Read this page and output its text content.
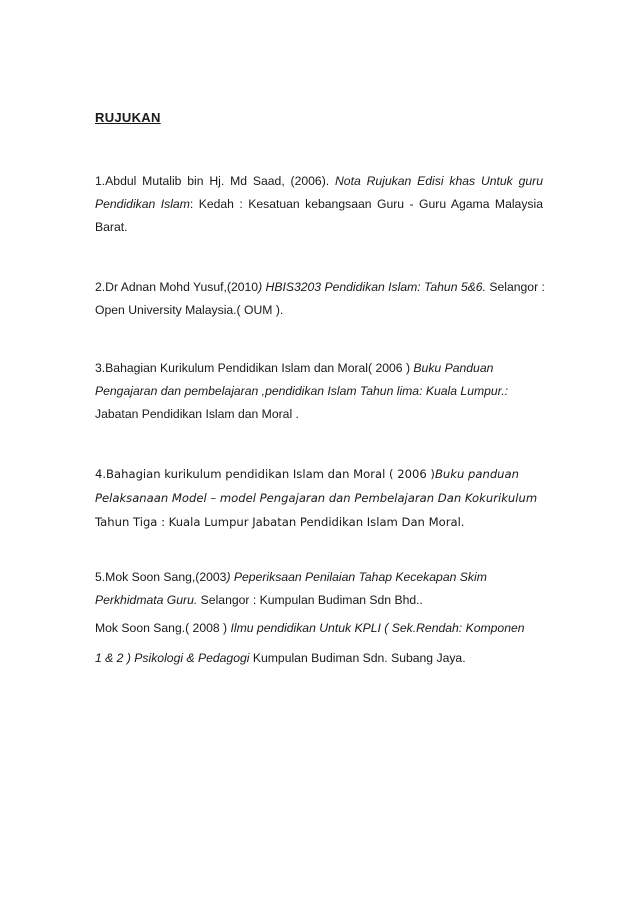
RUJUKAN
1.Abdul Mutalib bin Hj. Md Saad, (2006). Nota Rujukan Edisi khas Untuk guru
Pendidikan Islam: Kedah : Kesatuan kebangsaan Guru - Guru Agama Malaysia
Barat.
2.Dr Adnan Mohd Yusuf,(2010) HBIS3203 Pendidikan Islam: Tahun 5&6. Selangor :
Open University Malaysia.( OUM ).
3.Bahagian Kurikulum Pendidikan Islam dan Moral( 2006 ) Buku Panduan
Pengajaran dan pembelajaran ,pendidikan Islam Tahun lima: Kuala Lumpur.:
Jabatan Pendidikan Islam dan Moral .
4.Bahagian kurikulum pendidikan Islam dan Moral ( 2006 )Buku panduan
Pelaksanaan Model – model Pengajaran dan Pembelajaran Dan Kokurikulum
Tahun Tiga : Kuala Lumpur Jabatan Pendidikan Islam Dan Moral.
5.Mok Soon Sang,(2003) Peperiksaan Penilaian Tahap Kecekapan Skim
Perkhidmata Guru. Selangor : Kumpulan Budiman Sdn Bhd..
Mok Soon Sang.( 2008 ) Ilmu pendidikan Untuk KPLI ( Sek.Rendah: Komponen
1 & 2 ) Psikologi & Pedagogi Kumpulan Budiman Sdn. Subang Jaya.
